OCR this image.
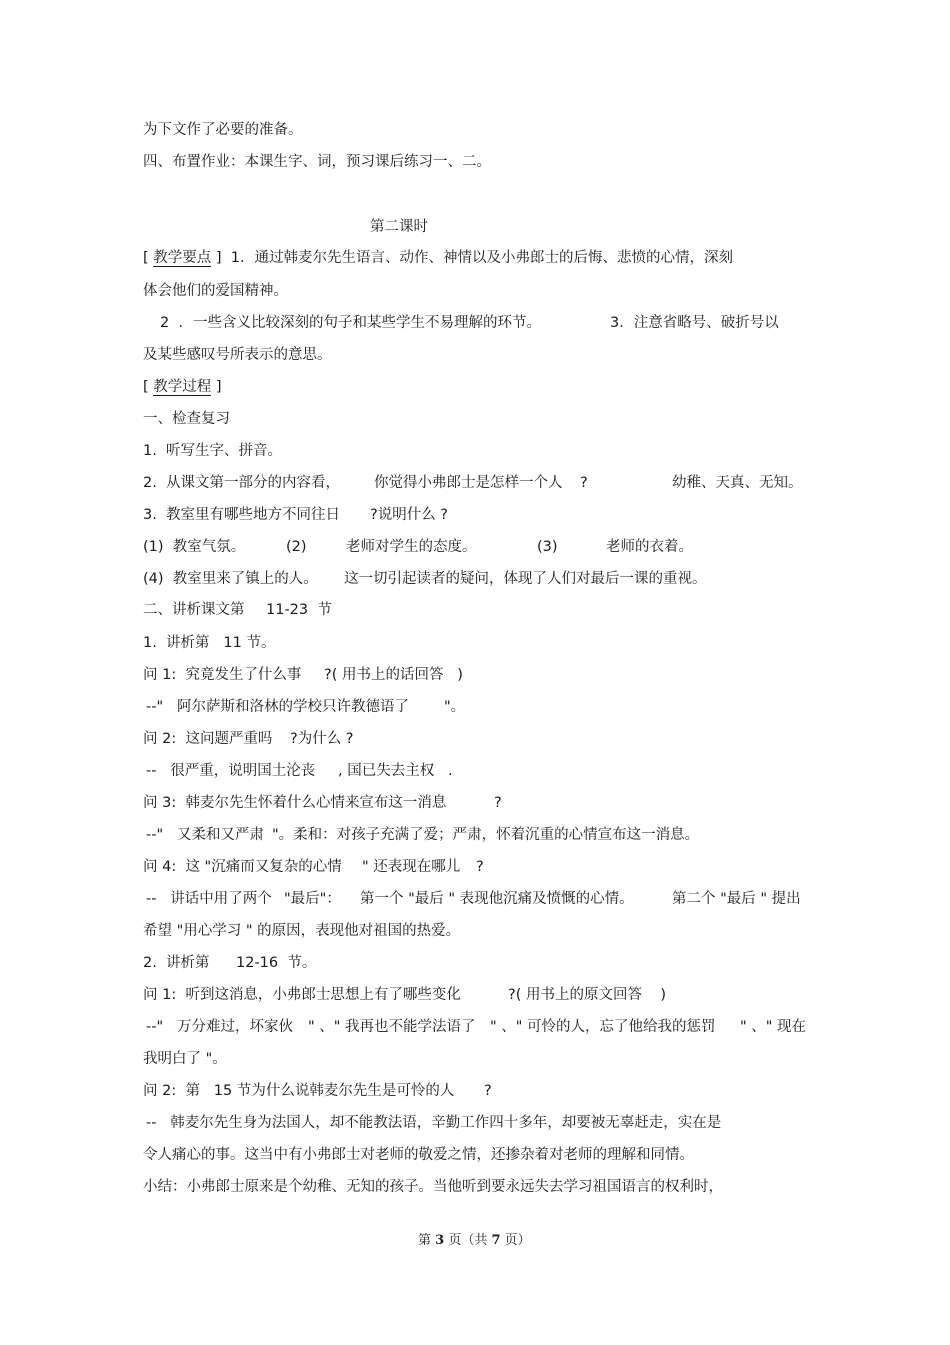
为下文作了必要的准备。
四、布置作业：本课生字、词，预习课后练习一、二。
第二课时
[ 教学要点 ]  1．通过韩麦尔先生语言、动作、神情以及小弗郎士的后悔、悲愤的心情，深刻
体会他们的爱国精神。
2  ．一些含义比较深刻的句子和某些学生不易理解的环节。	3．注意省略号、破折号以
及某些感叹号所表示的意思。
[ 教学过程 ]
一、检查复习
1.  听写生字、拼音。
2.  从课文第一部分的内容看， 你觉得小弗郎士是怎样一个人 ?	幼稚、天真、无知。
3.  教室里有哪些地方不同往日 ?说明什么 ?
(1)  教室气氛。	(2)	老师对学生的态度。	(3)	老师的衣着。
(4)  教室里来了镇上的人。 这一切引起读者的疑问，体现了人们对最后一课的重视。
二、讲析课文第 11-23  节
1.  讲析第   11 节。
问 1:  究竟发生了什么事 ?( 用书上的话回答   )
--"   阿尔萨斯和洛林的学校只许教德语了 "。
问 2:  这问题严重吗 ?为什么 ?
--   很严重，说明国土沦丧 , 国已失去主权   .
问 3:  韩麦尔先生怀着什么心情来宣布这一消息	?
--"   又柔和又严肃 "。柔和：对孩子充满了爱；严肃，怀着沉重的心情宣布这一消息。
问 4:  这 "沉痛而又复杂的心情 " 还表现在哪儿 ?
--   讲话中用了两个 "最后"： 第一个 "最后 " 表现他沉痛及愤慨的心情。	第二个 "最后 " 提出
希望 "用心学习 " 的原因，表现他对祖国的热爱。
2.  讲析第 12-16  节。
问 1:  听到这消息，小弗郎士思想上有了哪些变化	?( 用书上的原文回答    )
--"   万分难过，坏家伙 " 、" 我再也不能学法语了 " 、" 可怜的人，忘了他给我的惩罚 " 、" 现在
我明白了 "。
问 2:  第   15 节为什么说韩麦尔先生是可怜的人 ?
--   韩麦尔先生身为法国人，却不能教法语，辛勤工作四十多年，却要被无辜赶走，实在是
令人痛心的事。这当中有小弗郎士对老师的敬爱之情，还掺杂着对老师的理解和同情。
小结：小弗郎士原来是个幼稚、无知的孩子。当他听到要永远失去学习祖国语言的权利时，
第 3 页（共 7 页）
